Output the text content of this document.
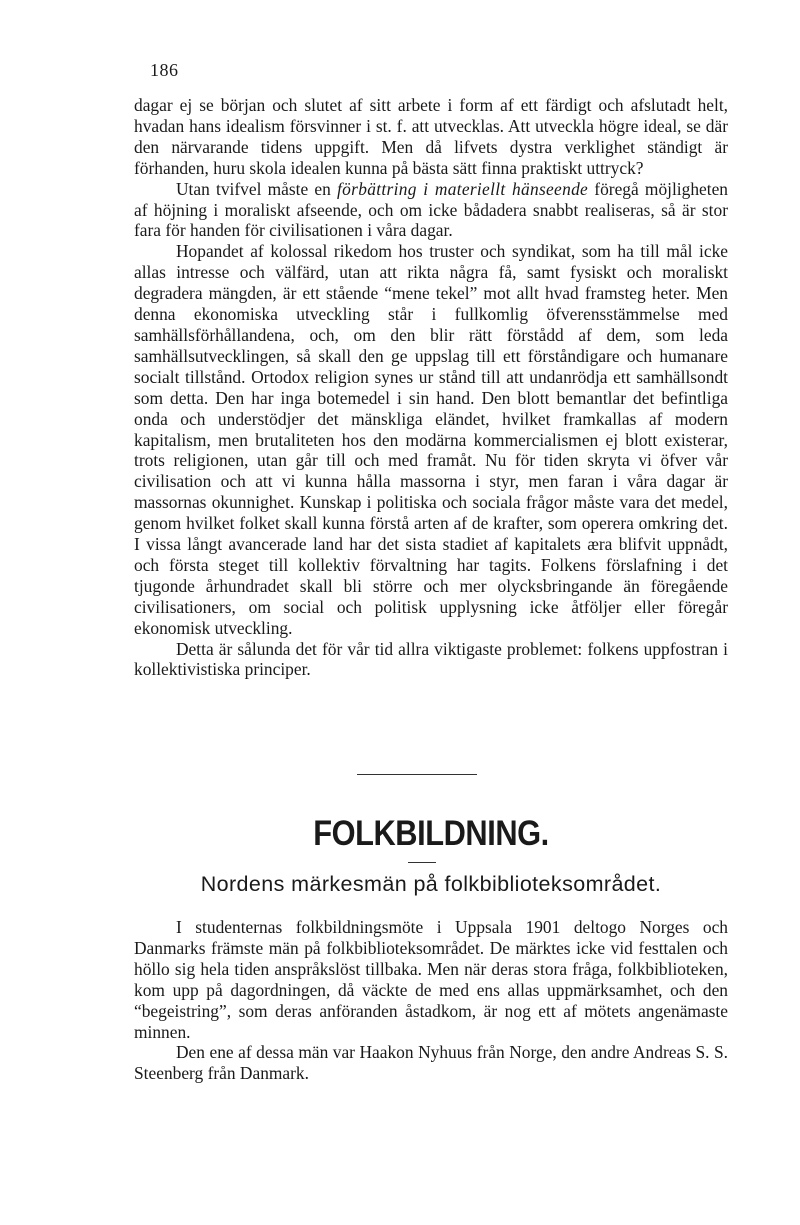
186

dagar ej se början och slutet af sitt arbete i form af ett färdigt och afslutadt helt, hvadan hans idealism försvinner i st. f. att utvecklas. Att utveckla högre ideal, se där den närvarande tidens uppgift. Men då lifvets dystra verklighet ständigt är förhanden, huru skola idealen kunna på bästa sätt finna praktiskt uttryck?

Utan tvifvel måste en förbättring i materiellt hänseende föregå möjligheten af höjning i moraliskt afseende, och om icke bådadera snabbt realiseras, så är stor fara för handen för civilisationen i våra dagar.

Hopandet af kolossal rikedom hos truster och syndikat, som ha till mål icke allas intresse och välfärd, utan att rikta några få, samt fysiskt och moraliskt degradera mängden, är ett stående “mene tekel” mot allt hvad framsteg heter. Men denna ekonomiska utveckling står i fullkomlig öfverensstämmelse med samhällsförhållandena, och, om den blir rätt förstådd af dem, som leda samhällsutvecklingen, så skall den ge uppslag till ett förståndigare och humanare socialt tillstånd. Ortodox religion synes ur stånd till att undanrödja ett samhällsondt som detta. Den har inga botemedel i sin hand. Den blott bemantlar det befintliga onda och understödjer det mänskliga eländet, hvilket framkallas af modern kapitalism, men brutaliteten hos den modärna kommercialismen ej blott existerar, trots religionen, utan går till och med framåt. Nu för tiden skryta vi öfver vår civilisation och att vi kunna hålla massorna i styr, men faran i våra dagar är massornas okunnighet. Kunskap i politiska och sociala frågor måste vara det medel, genom hvilket folket skall kunna förstå arten af de krafter, som operera omkring det. I vissa långt avancerade land har det sista stadiet af kapitalets æra blifvit uppnådt, och första steget till kollektiv förvaltning har tagits. Folkens förslafning i det tjugonde århundradet skall bli större och mer olycksbringande än föregående civilisationers, om social och politisk upplysning icke åtföljer eller föregår ekonomisk utveckling.

Detta är sålunda det för vår tid allra viktigaste problemet: folkens uppfostran i kollektivistiska principer.

FOLKBILDNING.
Nordens märkesmän på folkbiblioteksområdet.

I studenternas folkbildningsmöte i Uppsala 1901 deltogo Norges och Danmarks främste män på folkbiblioteksområdet. De märktes icke vid festtalen och höllo sig hela tiden anspråkslöst tillbaka. Men när deras stora fråga, folkbiblioteken, kom upp på dagordningen, då väckte de med ens allas uppmärksamhet, och den “begeistring”, som deras anföranden åstadkom, är nog ett af mötets angenämaste minnen.

Den ene af dessa män var Haakon Nyhuus från Norge, den andre Andreas S. S. Steenberg från Danmark.
